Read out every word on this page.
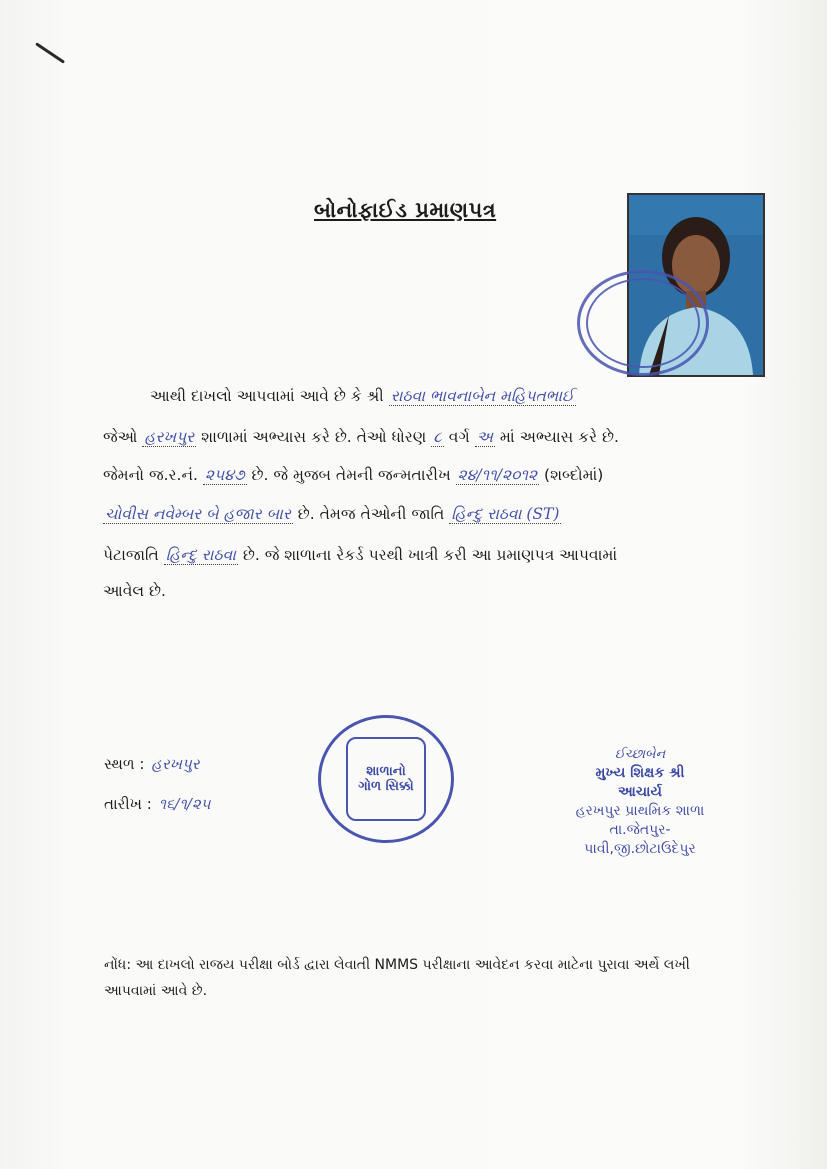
બોનોફાઈડ પ્રમાણપત્ર
આથી દાખલો આપવામાં આવે છે કે શ્રી રાઠવા ભાવનાબેન મહિપતભાઈ
જેઓ હરખપુર શાળામાં અભ્યાસ કરે છે. તેઓ ધોરણ ૮ વર્ગ અ માં અભ્યાસ કરે છે.
જેમનો જ.ર.નં. ૨૫૪૭ છે. જે મુજબ તેમની જન્મતારીખ ૨૪/૧૧/૨૦૧૨ (શબ્દોમાં)
ચોવીસ નવેમ્બર બે હજાર બાર છે. તેમજ તેઓની જાતિ હિન્દુ રાઠવા (ST)
પેટાજાતિ હિન્દુ રાઠવા છે. જે શાળાના રેકર્ડ પરથી ખાત્રી કરી આ પ્રમાણપત્ર આપવામાં
આવેલ છે.
સ્થળ : હરખપુર
તારીખ : ૧૬/૧/૨૫
શાળાનો
ગોળ સિક્કો
ઈચ્છાબેન
મુખ્ય શિક્ષક શ્રી
આચાર્ય
હરખપુર પ્રાથમિક શાળા
તા.જેતપુર-પાવી,જી.છોટાઉદેપુર
નોંધ: આ દાખલો રાજય પરીક્ષા બોર્ડ દ્વારા લેવાતી NMMS પરીક્ષાના આવેદન કરવા માટેના પુરાવા અર્થે લખી આપવામાં આવે છે.
